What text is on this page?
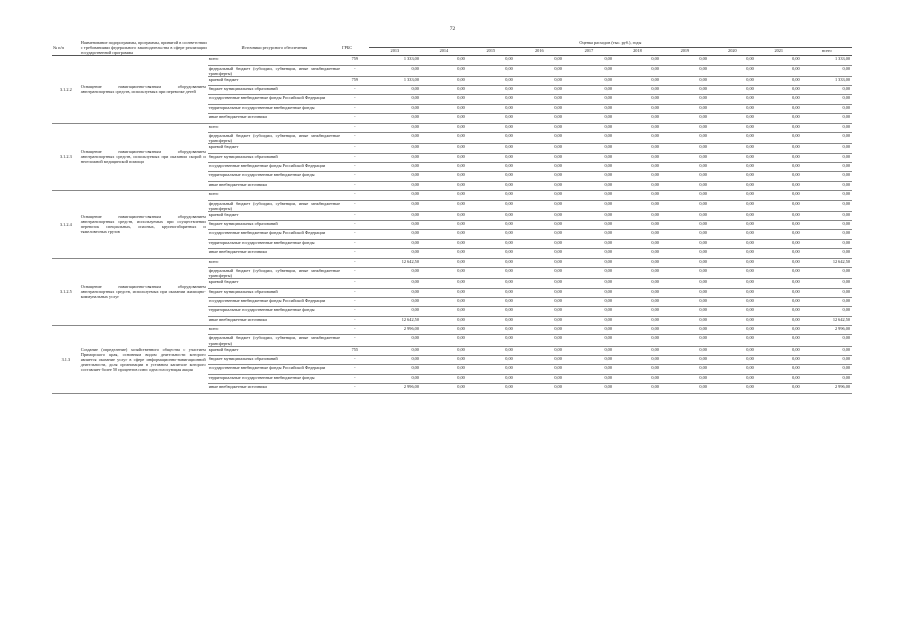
72
№ п/п	Наименование подпрограммы, программы, принятой в соответствии с требованиями федерального законодательства в сфере реализации государственной программы	Источники ресурсного обеспечения	ГРБС	Оценка расходов (тыс. руб.), годы									
				2013	2014	2015	2016	2017	2018	2019	2020	2021	всего
3.1.2.2	Оснащение навигационно-связным оборудованием автотранспортных средств, используемых при перевозке детей	всего	759	1 333,00	0,00	0,00	0,00	0,00	0,00	0,00	0,00	0,00	1 333,00
		федеральный бюджет (субсидии, субвенции, иные межбюджетные трансферты)	-	0,00	0,00	0,00	0,00	0,00	0,00	0,00	0,00	0,00	0,00
		краевой бюджет	759	1 333,00	0,00	0,00	0,00	0,00	0,00	0,00	0,00	0,00	1 333,00
		бюджет муниципальных образований	-	0,00	0,00	0,00	0,00	0,00	0,00	0,00	0,00	0,00	0,00
		государственные внебюджетные фонды Российской Федерации	-	0,00	0,00	0,00	0,00	0,00	0,00	0,00	0,00	0,00	0,00
		территориальные государственные внебюджетные фонды	-	0,00	0,00	0,00	0,00	0,00	0,00	0,00	0,00	0,00	0,00
		иные внебюджетные источники	-	0,00	0,00	0,00	0,00	0,00	0,00	0,00	0,00	0,00	0,00
3.1.2.3	Оснащение навигационно-связным оборудованием автотранспортных средств, используемых при оказании скорой и неотложной медицинской помощи	всего	-	0,00	0,00	0,00	0,00	0,00	0,00	0,00	0,00	0,00	0,00
		федеральный бюджет (субсидии, субвенции, иные межбюджетные трансферты)	-	0,00	0,00	0,00	0,00	0,00	0,00	0,00	0,00	0,00	0,00
		краевой бюджет	-	0,00	0,00	0,00	0,00	0,00	0,00	0,00	0,00	0,00	0,00
		бюджет муниципальных образований	-	0,00	0,00	0,00	0,00	0,00	0,00	0,00	0,00	0,00	0,00
		государственные внебюджетные фонды Российской Федерации	-	0,00	0,00	0,00	0,00	0,00	0,00	0,00	0,00	0,00	0,00
		территориальные государственные внебюджетные фонды	-	0,00	0,00	0,00	0,00	0,00	0,00	0,00	0,00	0,00	0,00
		иные внебюджетные источники	-	0,00	0,00	0,00	0,00	0,00	0,00	0,00	0,00	0,00	0,00
3.1.2.4	Оснащение навигационно-связным оборудованием автотранспортных средств, используемых при осуществлении перевозок специальных, опасных, крупногабаритных и тяжеловесных грузов	всего	-	0,00	0,00	0,00	0,00	0,00	0,00	0,00	0,00	0,00	0,00
		федеральный бюджет (субсидии, субвенции, иные межбюджетные трансферты)	-	0,00	0,00	0,00	0,00	0,00	0,00	0,00	0,00	0,00	0,00
		краевой бюджет	-	0,00	0,00	0,00	0,00	0,00	0,00	0,00	0,00	0,00	0,00
		бюджет муниципальных образований	-	0,00	0,00	0,00	0,00	0,00	0,00	0,00	0,00	0,00	0,00
		государственные внебюджетные фонды Российской Федерации	-	0,00	0,00	0,00	0,00	0,00	0,00	0,00	0,00	0,00	0,00
		территориальные государственные внебюджетные фонды	-	0,00	0,00	0,00	0,00	0,00	0,00	0,00	0,00	0,00	0,00
		иные внебюджетные источники	-	0,00	0,00	0,00	0,00	0,00	0,00	0,00	0,00	0,00	0,00
3.1.2.5	Оснащение навигационно-связным оборудованием автотранспортных средств, используемых при оказании жилищно-коммунальных услуг	всего	-	12 642,50	0,00	0,00	0,00	0,00	0,00	0,00	0,00	0,00	12 642,50
		федеральный бюджет (субсидии, субвенции, иные межбюджетные трансферты)	-	0,00	0,00	0,00	0,00	0,00	0,00	0,00	0,00	0,00	0,00
		краевой бюджет	-	0,00	0,00	0,00	0,00	0,00	0,00	0,00	0,00	0,00	0,00
		бюджет муниципальных образований	-	0,00	0,00	0,00	0,00	0,00	0,00	0,00	0,00	0,00	0,00
		государственные внебюджетные фонды Российской Федерации	-	0,00	0,00	0,00	0,00	0,00	0,00	0,00	0,00	0,00	0,00
		территориальные государственные внебюджетные фонды	-	0,00	0,00	0,00	0,00	0,00	0,00	0,00	0,00	0,00	0,00
		иные внебюджетные источники	-	12 642,50	0,00	0,00	0,00	0,00	0,00	0,00	0,00	0,00	12 642,50
3.1.3	Создание (определение) хозяйственного общества с участием Приморского края, основным видом деятельности которого является оказание услуг в сфере информационно-навигационной деятельности, доля организации в уставном капитале которого составляет более 50 процентов плюс одна голосующая акция	всего	-	2 996,00	0,00	0,00	0,00	0,00	0,00	0,00	0,00	0,00	2 996,00
		федеральный бюджет (субсидии, субвенции, иные межбюджетные трансферты)	-	0,00	0,00	0,00	0,00	0,00	0,00	0,00	0,00	0,00	0,00
		краевой бюджет	755	0,00	0,00	0,00	0,00	0,00	0,00	0,00	0,00	0,00	0,00
		бюджет муниципальных образований	-	0,00	0,00	0,00	0,00	0,00	0,00	0,00	0,00	0,00	0,00
		государственные внебюджетные фонды Российской Федерации	-	0,00	0,00	0,00	0,00	0,00	0,00	0,00	0,00	0,00	0,00
		территориальные государственные внебюджетные фонды	-	0,00	0,00	0,00	0,00	0,00	0,00	0,00	0,00	0,00	0,00
		иные внебюджетные источники	-	2 996,00	0,00	0,00	0,00	0,00	0,00	0,00	0,00	0,00	2 996,00
